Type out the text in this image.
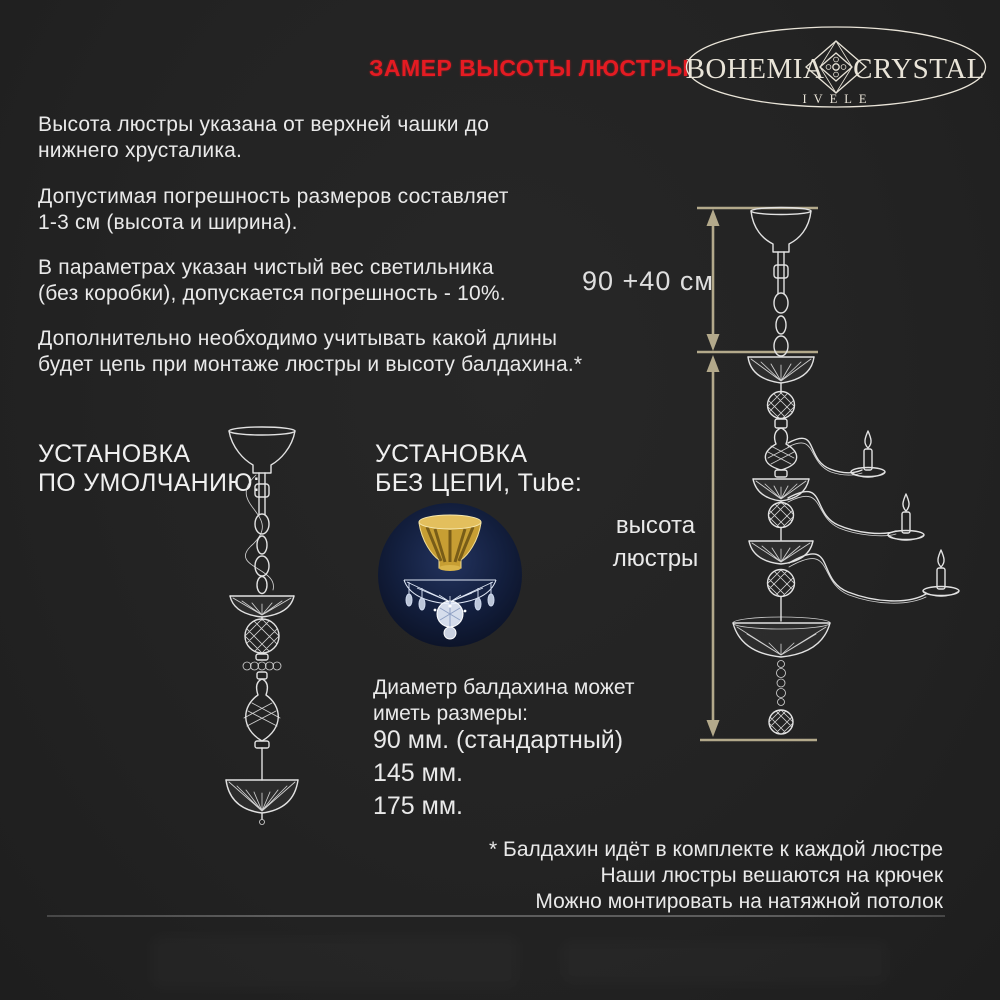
ЗАМЕР ВЫСОТЫ ЛЮСТРЫ
BOHEMIA CRYSTAL
IVELE
Высота люстры указана от верхней чашки до
нижнего хрусталика.
Допустимая погрешность размеров составляет
1-3 см (высота и ширина).
В параметрах указан чистый вес светильника
(без коробки), допускается погрешность - 10%.
Дополнительно необходимо учитывать какой длины
будет цепь при монтаже люстры и высоту балдахина.*
90 +40 см
высота
люстры
УСТАНОВКА
ПО УМОЛЧАНИЮ:
УСТАНОВКА
БЕЗ ЦЕПИ, Tube:
Диаметр балдахина может
иметь размеры:
90 мм. (стандартный)
145 мм.
175 мм.
* Балдахин идёт в комплекте к каждой люстре
Наши люстры вешаются на крючек
Можно монтировать на натяжной потолок
